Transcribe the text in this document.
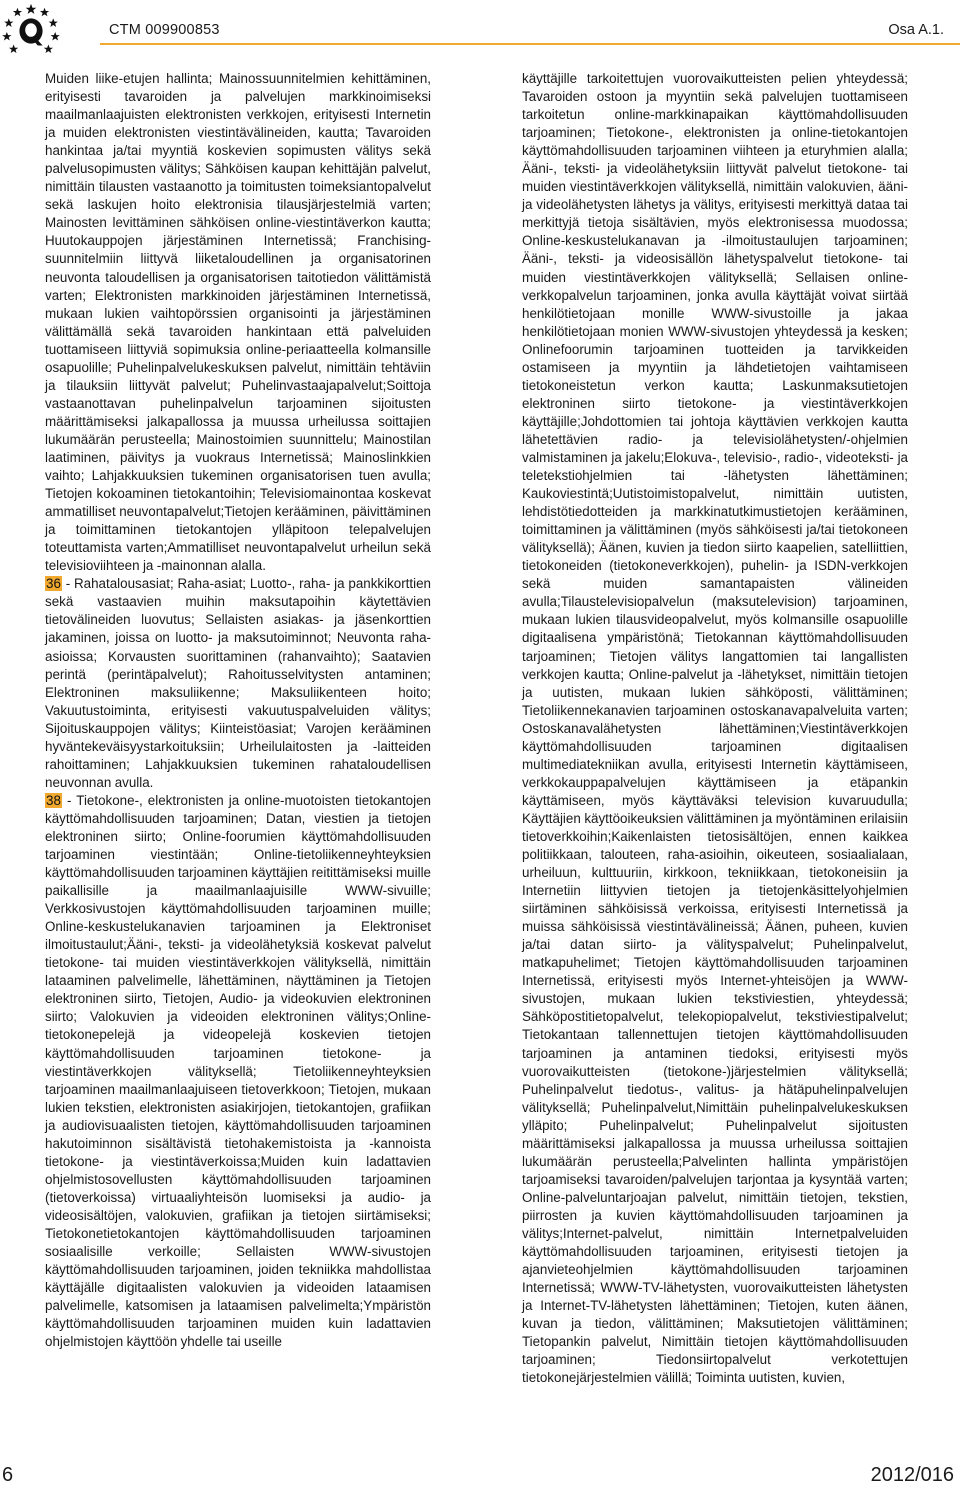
CTM 009900853	Osa A.1.

Muiden liike-etujen hallinta; Mainossuunnitelmien kehittäminen, erityisesti tavaroiden ja palvelujen markkinoimiseksi maailmanlaajuisten elektronisten verkkojen, erityisesti Internetin ja muiden elektronisten viestintävälineiden, kautta; Tavaroiden hankintaa ja/tai myyntiä koskevien sopimusten välitys sekä palvelusopimusten välitys; Sähköisen kaupan kehittäjän palvelut, nimittäin tilausten vastaanotto ja toimitusten toimeksiantopalvelut sekä laskujen hoito elektronisia tilausjärjestelmiä varten; Mainosten levittäminen sähköisen online-viestintäverkon kautta; Huutokauppojen järjestäminen Internetissä; Franchising-suunnitelmiin liittyvä liiketaloudellinen ja organisatorinen neuvonta taloudellisen ja organisatorisen taitotiedon välittämistä varten; Elektronisten markkinoiden järjestäminen Internetissä, mukaan lukien vaihtopörssien organisointi ja järjestäminen välittämällä sekä tavaroiden hankintaan että palveluiden tuottamiseen liittyviä sopimuksia online-periaatteella kolmansille osapuolille; Puhelinpalvelukeskuksen palvelut, nimittäin tehtäviin ja tilauksiin liittyvät palvelut; Puhelinvastaajapalvelut;Soittoja vastaanottavan puhelinpalvelun tarjoaminen sijoitusten määrittämiseksi jalkapallossa ja muussa urheilussa soittajien lukumäärän perusteella; Mainostoimien suunnittelu; Mainostilan laatiminen, päivitys ja vuokraus Internetissä; Mainoslinkkien vaihto; Lahjakkuuksien tukeminen organisatorisen tuen avulla; Tietojen kokoaminen tietokantoihin; Televisiomainontaa koskevat ammatilliset neuvontapalvelut;Tietojen kerääminen, päivittäminen ja toimittaminen tietokantojen ylläpitoon telepalvelujen toteuttamista varten;Ammatilliset neuvontapalvelut urheilun sekä televisioviihteen ja -mainonnan alalla.

36 - Rahatalousasiat; Raha-asiat; Luotto-, raha- ja pankkikorttien sekä vastaavien muihin maksutapoihin käytettävien tietovälineiden luovutus; Sellaisten asiakas- ja jäsenkorttien jakaminen, joissa on luotto- ja maksutoiminnot; Neuvonta raha-asioissa; Korvausten suorittaminen (rahanvaihto); Saatavien perintä (perintäpalvelut); Rahoitusselvitysten antaminen; Elektroninen maksuliikenne; Maksuliikenteen hoito; Vakuutustoiminta, erityisesti vakuutuspalveluiden välitys; Sijoituskauppojen välitys; Kiinteistöasiat; Varojen kerääminen hyväntekeväisyystarkoituksiin; Urheilulaitosten ja -laitteiden rahoittaminen; Lahjakkuuksien tukeminen rahataloudellisen neuvonnan avulla.

38 - Tietokone-, elektronisten ja online-muotoisten tietokantojen käyttömahdollisuuden tarjoaminen; Datan, viestien ja tietojen elektroninen siirto; Online-foorumien käyttömahdollisuuden tarjoaminen viestintään; Online-tietoliikenneyhteyksien käyttömahdollisuuden tarjoaminen käyttäjien reitittämiseksi muille paikallisille ja maailmanlaajuisille WWW-sivuille; Verkkosivustojen käyttömahdollisuuden tarjoaminen muille; Online-keskustelukanavien tarjoaminen ja Elektroniset ilmoitustaulut;Ääni-, teksti- ja videolähetyksiä koskevat palvelut tietokone- tai muiden viestintäverkkojen välityksellä, nimittäin lataaminen palvelimelle, lähettäminen, näyttäminen ja Tietojen elektroninen siirto, Tietojen, Audio- ja videokuvien elektroninen siirto; Valokuvien ja videoiden elektroninen välitys;Online-tietokonepelejä ja videopelejä koskevien tietojen käyttömahdollisuuden tarjoaminen tietokone- ja viestintäverkkojen välityksellä; Tietoliikenneyhteyksien tarjoaminen maailmanlaajuiseen tietoverkkoon; Tietojen, mukaan lukien tekstien, elektronisten asiakirjojen, tietokantojen, grafiikan ja audiovisuaalisten tietojen, käyttömahdollisuuden tarjoaminen hakutoiminnon sisältävistä tietohakemistoista ja -kannoista tietokone- ja viestintäverkoissa;Muiden kuin ladattavien ohjelmistosovellusten käyttömahdollisuuden tarjoaminen (tietoverkoissa) virtuaaliyhteisön luomiseksi ja audio- ja videosisältöjen, valokuvien, grafiikan ja tietojen siirtämiseksi; Tietokonetietokantojen käyttömahdollisuuden tarjoaminen sosiaalisille verkoille; Sellaisten WWW-sivustojen käyttömahdollisuuden tarjoaminen, joiden tekniikka mahdollistaa käyttäjälle digitaalisten valokuvien ja videoiden lataamisen palvelimelle, katsomisen ja lataamisen palvelimelta;Ympäristön käyttömahdollisuuden tarjoaminen muiden kuin ladattavien ohjelmistojen käyttöön yhdelle tai useille

käyttäjille tarkoitettujen vuorovaikutteisten pelien yhteydessä; Tavaroiden ostoon ja myyntiin sekä palvelujen tuottamiseen tarkoitetun online-markkinapaikan käyttömahdollisuuden tarjoaminen; Tietokone-, elektronisten ja online-tietokantojen käyttömahdollisuuden tarjoaminen viihteen ja eturyhmien alalla; Ääni-, teksti- ja videolähetyksiin liittyvät palvelut tietokone- tai muiden viestintäverkkojen välityksellä, nimittäin valokuvien, ääni- ja videolähetysten lähetys ja välitys, erityisesti merkittyä dataa tai merkittyjä tietoja sisältävien, myös elektronisessa muodossa; Online-keskustelukanavan ja -ilmoitustaulujen tarjoaminen; Ääni-, teksti- ja videosisällön lähetyspalvelut tietokone- tai muiden viestintäverkkojen välityksellä; Sellaisen online-verkkopalvelun tarjoaminen, jonka avulla käyttäjät voivat siirtää henkilötietojaan monille WWW-sivustoille ja jakaa henkilötietojaan monien WWW-sivustojen yhteydessä ja kesken; Onlinefoorumin tarjoaminen tuotteiden ja tarvikkeiden ostamiseen ja myyntiin ja lähdetietojen vaihtamiseen tietokoneistetun verkon kautta; Laskunmaksutietojen elektroninen siirto tietokone- ja viestintäverkkojen käyttäjille;Johdottomien tai johtoja käyttävien verkkojen kautta lähetettävien radio- ja televisiolähetysten/-ohjelmien valmistaminen ja jakelu;Elokuva-, televisio-, radio-, videoteksti- ja teletekstiohjelmien tai -lähetysten lähettäminen; Kaukoviestintä;Uutistoimistopalvelut, nimittäin uutisten, lehdistötiedotteiden ja markkinatutkimustietojen kerääminen, toimittaminen ja välittäminen (myös sähköisesti ja/tai tietokoneen välityksellä); Äänen, kuvien ja tiedon siirto kaapelien, satelliittien, tietokoneiden (tietokoneverkkojen), puhelin- ja ISDN-verkkojen sekä muiden samantapaisten välineiden avulla;Tilaustelevisiopalvelun (maksutelevision) tarjoaminen, mukaan lukien tilausvideopalvelut, myös kolmansille osapuolille digitaalisena ympäristönä; Tietokannan käyttömahdollisuuden tarjoaminen; Tietojen välitys langattomien tai langallisten verkkojen kautta; Online-palvelut ja -lähetykset, nimittäin tietojen ja uutisten, mukaan lukien sähköposti, välittäminen; Tietoliikennekanavien tarjoaminen ostoskanavapalveluita varten; Ostoskanavalähetysten lähettäminen;Viestintäverkkojen käyttömahdollisuuden tarjoaminen digitaalisen multimediatekniikan avulla, erityisesti Internetin käyttämiseen, verkkokauppapalvelujen käyttämiseen ja etäpankin käyttämiseen, myös käyttäväksi television kuvaruudulla; Käyttäjien käyttöoikeuksien välittäminen ja myöntäminen erilaisiin tietoverkkoihin;Kaikenlaisten tietosisältöjen, ennen kaikkea politiikkaan, talouteen, raha-asioihin, oikeuteen, sosiaalialaan, urheiluun, kulttuuriin, kirkkoon, tekniikkaan, tietokoneisiin ja Internetiin liittyvien tietojen ja tietojenkäsittelyohjelmien siirtäminen sähköisissä verkoissa, erityisesti Internetissä ja muissa sähköisissä viestintävälineissä; Äänen, puheen, kuvien ja/tai datan siirto- ja välityspalvelut; Puhelinpalvelut, matkapuhelimet; Tietojen käyttömahdollisuuden tarjoaminen Internetissä, erityisesti myös Internet-yhteisöjen ja WWW-sivustojen, mukaan lukien tekstiviestien, yhteydessä; Sähköpostitietopalvelut, telekopiopalvelut, tekstiviestipalvelut; Tietokantaan tallennettujen tietojen käyttömahdollisuuden tarjoaminen ja antaminen tiedoksi, erityisesti myös vuorovaikutteisten (tietokone-)järjestelmien välityksellä; Puhelinpalvelut tiedotus-, valitus- ja hätäpuhelinpalvelujen välityksellä; Puhelinpalvelut,Nimittäin puhelinpalvelukeskuksen ylläpito; Puhelinpalvelut; Puhelinpalvelut sijoitusten määrittämiseksi jalkapallossa ja muussa urheilussa soittajien lukumäärän perusteella;Palvelinten hallinta ympäristöjen tarjoamiseksi tavaroiden/palvelujen tarjontaa ja kysyntää varten; Online-palveluntarjoajan palvelut, nimittäin tietojen, tekstien, piirrosten ja kuvien käyttömahdollisuuden tarjoaminen ja välitys;Internet-palvelut, nimittäin Internetpalveluiden käyttömahdollisuuden tarjoaminen, erityisesti tietojen ja ajanvieteohjelmien käyttömahdollisuuden tarjoaminen Internetissä; WWW-TV-lähetysten, vuorovaikutteisten lähetysten ja Internet-TV-lähetysten lähettäminen; Tietojen, kuten äänen, kuvan ja tiedon, välittäminen; Maksutietojen välittäminen; Tietopankin palvelut, Nimittäin tietojen käyttömahdollisuuden tarjoaminen; Tiedonsiirtopalvelut verkotettujen tietokonejärjestelmien välillä; Toiminta uutisten, kuvien,

6	2012/016
